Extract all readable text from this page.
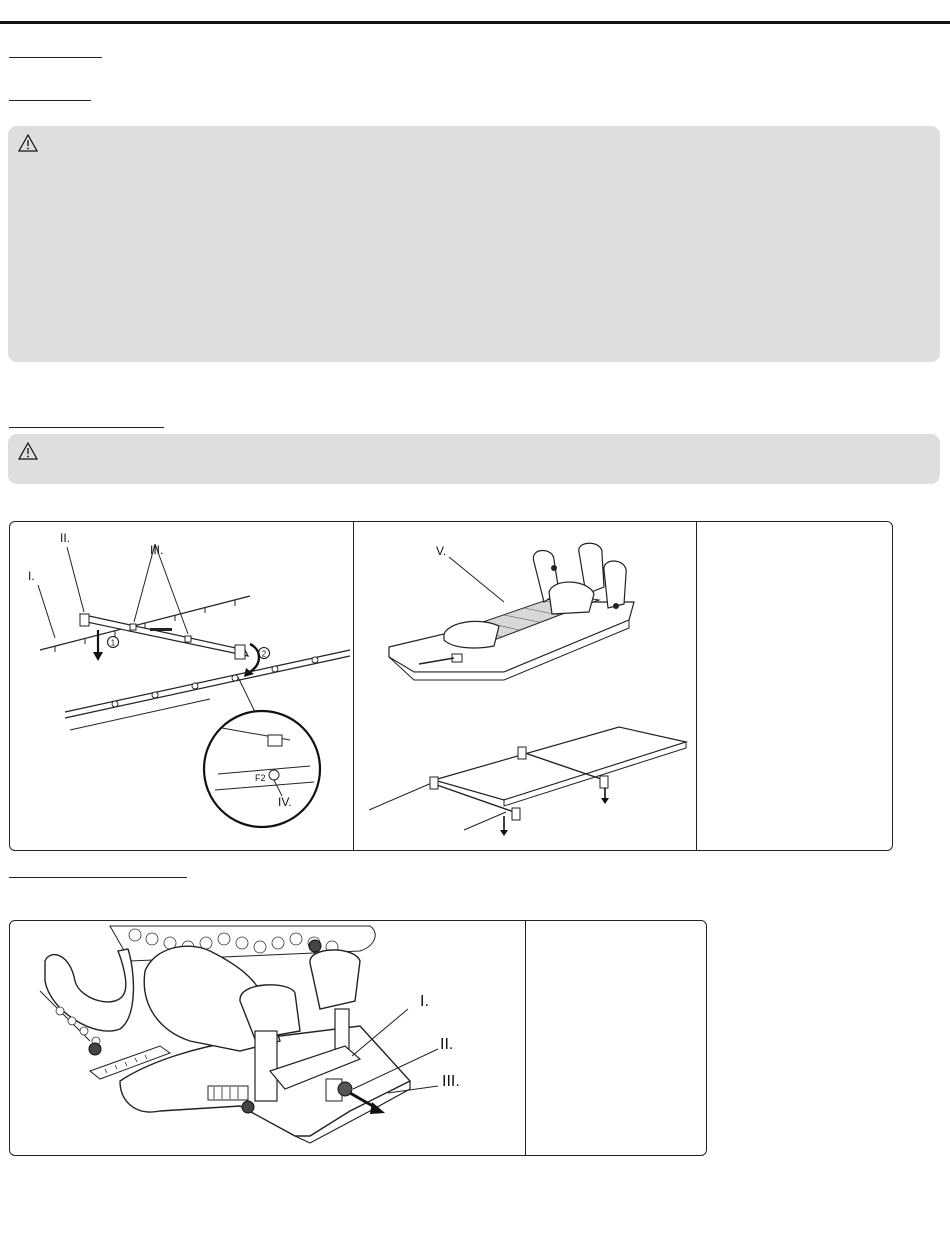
1
2
F2
I.
II.
III.
IV.
V.
I.
II.
III.
